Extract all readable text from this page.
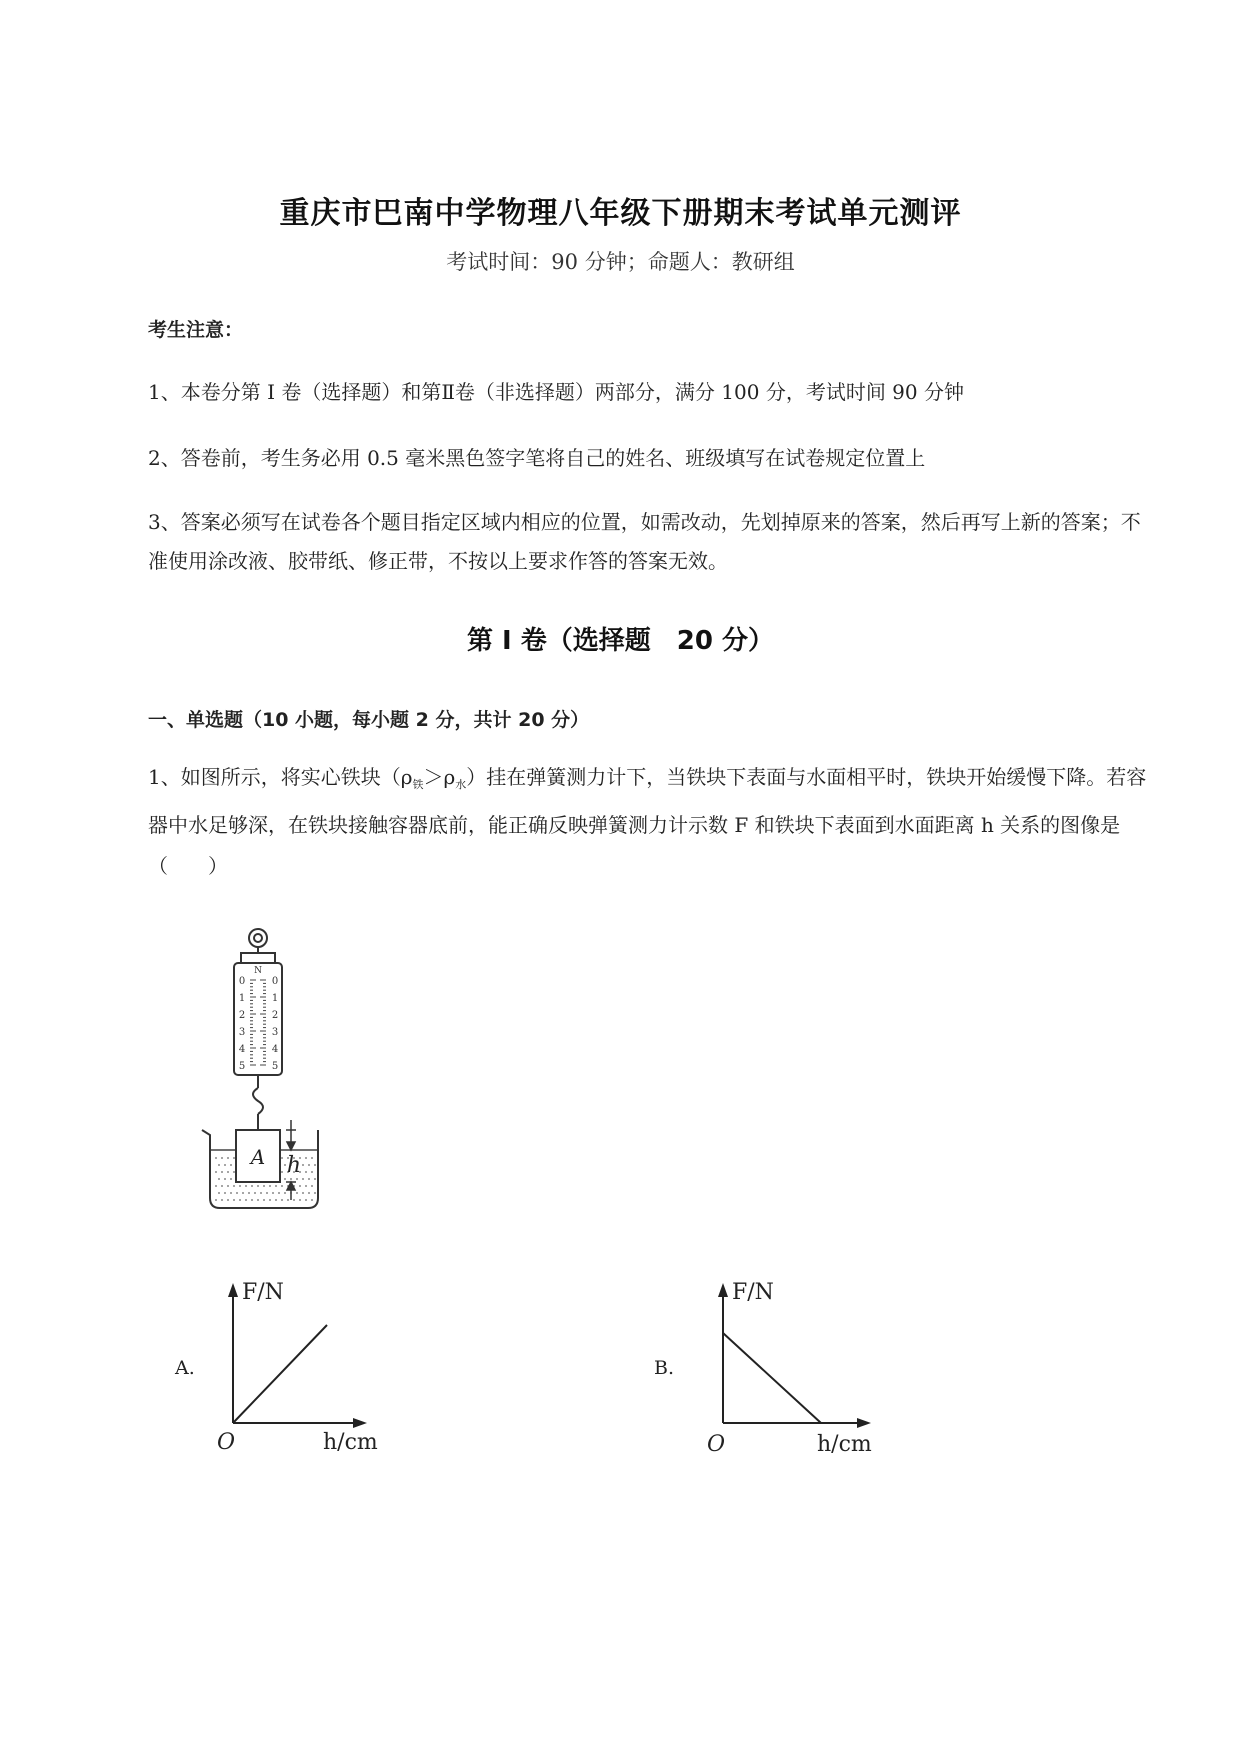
重庆市巴南中学物理八年级下册期末考试单元测评
考试时间：90 分钟；命题人：教研组
考生注意：
1、本卷分第 I 卷（选择题）和第Ⅱ卷（非选择题）两部分，满分 100 分，考试时间 90 分钟
2、答卷前，考生务必用 0.5 毫米黑色签字笔将自己的姓名、班级填写在试卷规定位置上
3、答案必须写在试卷各个题目指定区域内相应的位置，如需改动，先划掉原来的答案，然后再写上新的答案；不准使用涂改液、胶带纸、修正带，不按以上要求作答的答案无效。
第 I 卷（选择题　20 分）
一、单选题（10 小题，每小题 2 分，共计 20 分）
1、如图所示，将实心铁块$(\rho_铁>\rho_水)$挂在弹簧测力计下，当铁块下表面与水面相平时，铁块开始缓慢下降。若容器中水足够深，在铁块接触容器底前，能正确反映弹簧测力计示数 F 和铁块下表面到水面距离 h 关系的图像是（　　）
N
0
1
2
3
4
5
0
1
2
3
4
5
A h
A.
F/N
O	h/cm
B.
F/N
O	h/cm
